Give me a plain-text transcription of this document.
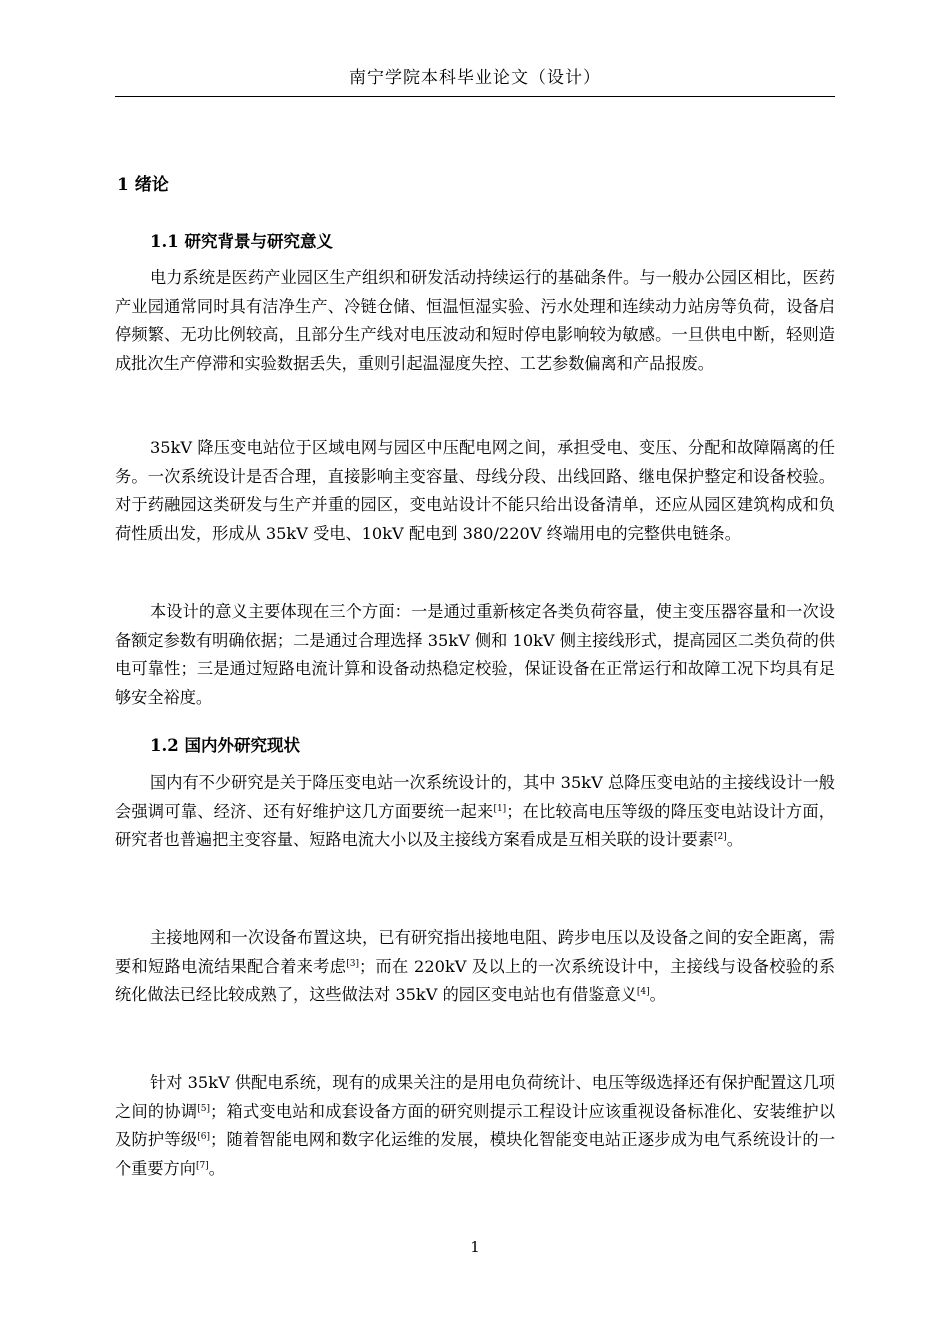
南宁学院本科毕业论文（设计）
1 绪论
1.1 研究背景与研究意义

电力系统是医药产业园区生产组织和研发活动持续运行的基础条件。与一般办公园区相比，医药产业园通常同时具有洁净生产、冷链仓储、恒温恒湿实验、污水处理和连续动力站房等负荷，设备启停频繁、无功比例较高，且部分生产线对电压波动和短时停电影响较为敏感。一旦供电中断，轻则造成批次生产停滞和实验数据丢失，重则引起温湿度失控、工艺参数偏离和产品报废。

35kV 降压变电站位于区域电网与园区中压配电网之间，承担受电、变压、分配和故障隔离的任务。一次系统设计是否合理，直接影响主变容量、母线分段、出线回路、继电保护整定和设备校验。对于药融园这类研发与生产并重的园区，变电站设计不能只给出设备清单，还应从园区建筑构成和负荷性质出发，形成从 35kV 受电、10kV 配电到 380/220V 终端用电的完整供电链条。

本设计的意义主要体现在三个方面：一是通过重新核定各类负荷容量，使主变压器容量和一次设备额定参数有明确依据；二是通过合理选择 35kV 侧和 10kV 侧主接线形式，提高园区二类负荷的供电可靠性；三是通过短路电流计算和设备动热稳定校验，保证设备在正常运行和故障工况下均具有足够安全裕度。

1.2 国内外研究现状

国内有不少研究是关于降压变电站一次系统设计的，其中 35kV 总降压变电站的主接线设计一般会强调可靠、经济、还有好维护这几方面要统一起来[1]；在比较高电压等级的降压变电站设计方面，研究者也普遍把主变容量、短路电流大小以及主接线方案看成是互相关联的设计要素[2]。

主接地网和一次设备布置这块，已有研究指出接地电阻、跨步电压以及设备之间的安全距离，需要和短路电流结果配合着来考虑[3]；而在 220kV 及以上的一次系统设计中，主接线与设备校验的系统化做法已经比较成熟了，这些做法对 35kV 的园区变电站也有借鉴意义[4]。

针对 35kV 供配电系统，现有的成果关注的是用电负荷统计、电压等级选择还有保护配置这几项之间的协调[5]；箱式变电站和成套设备方面的研究则提示工程设计应该重视设备标准化、安装维护以及防护等级[6]；随着智能电网和数字化运维的发展，模块化智能变电站正逐步成为电气系统设计的一个重要方向[7]。

1
